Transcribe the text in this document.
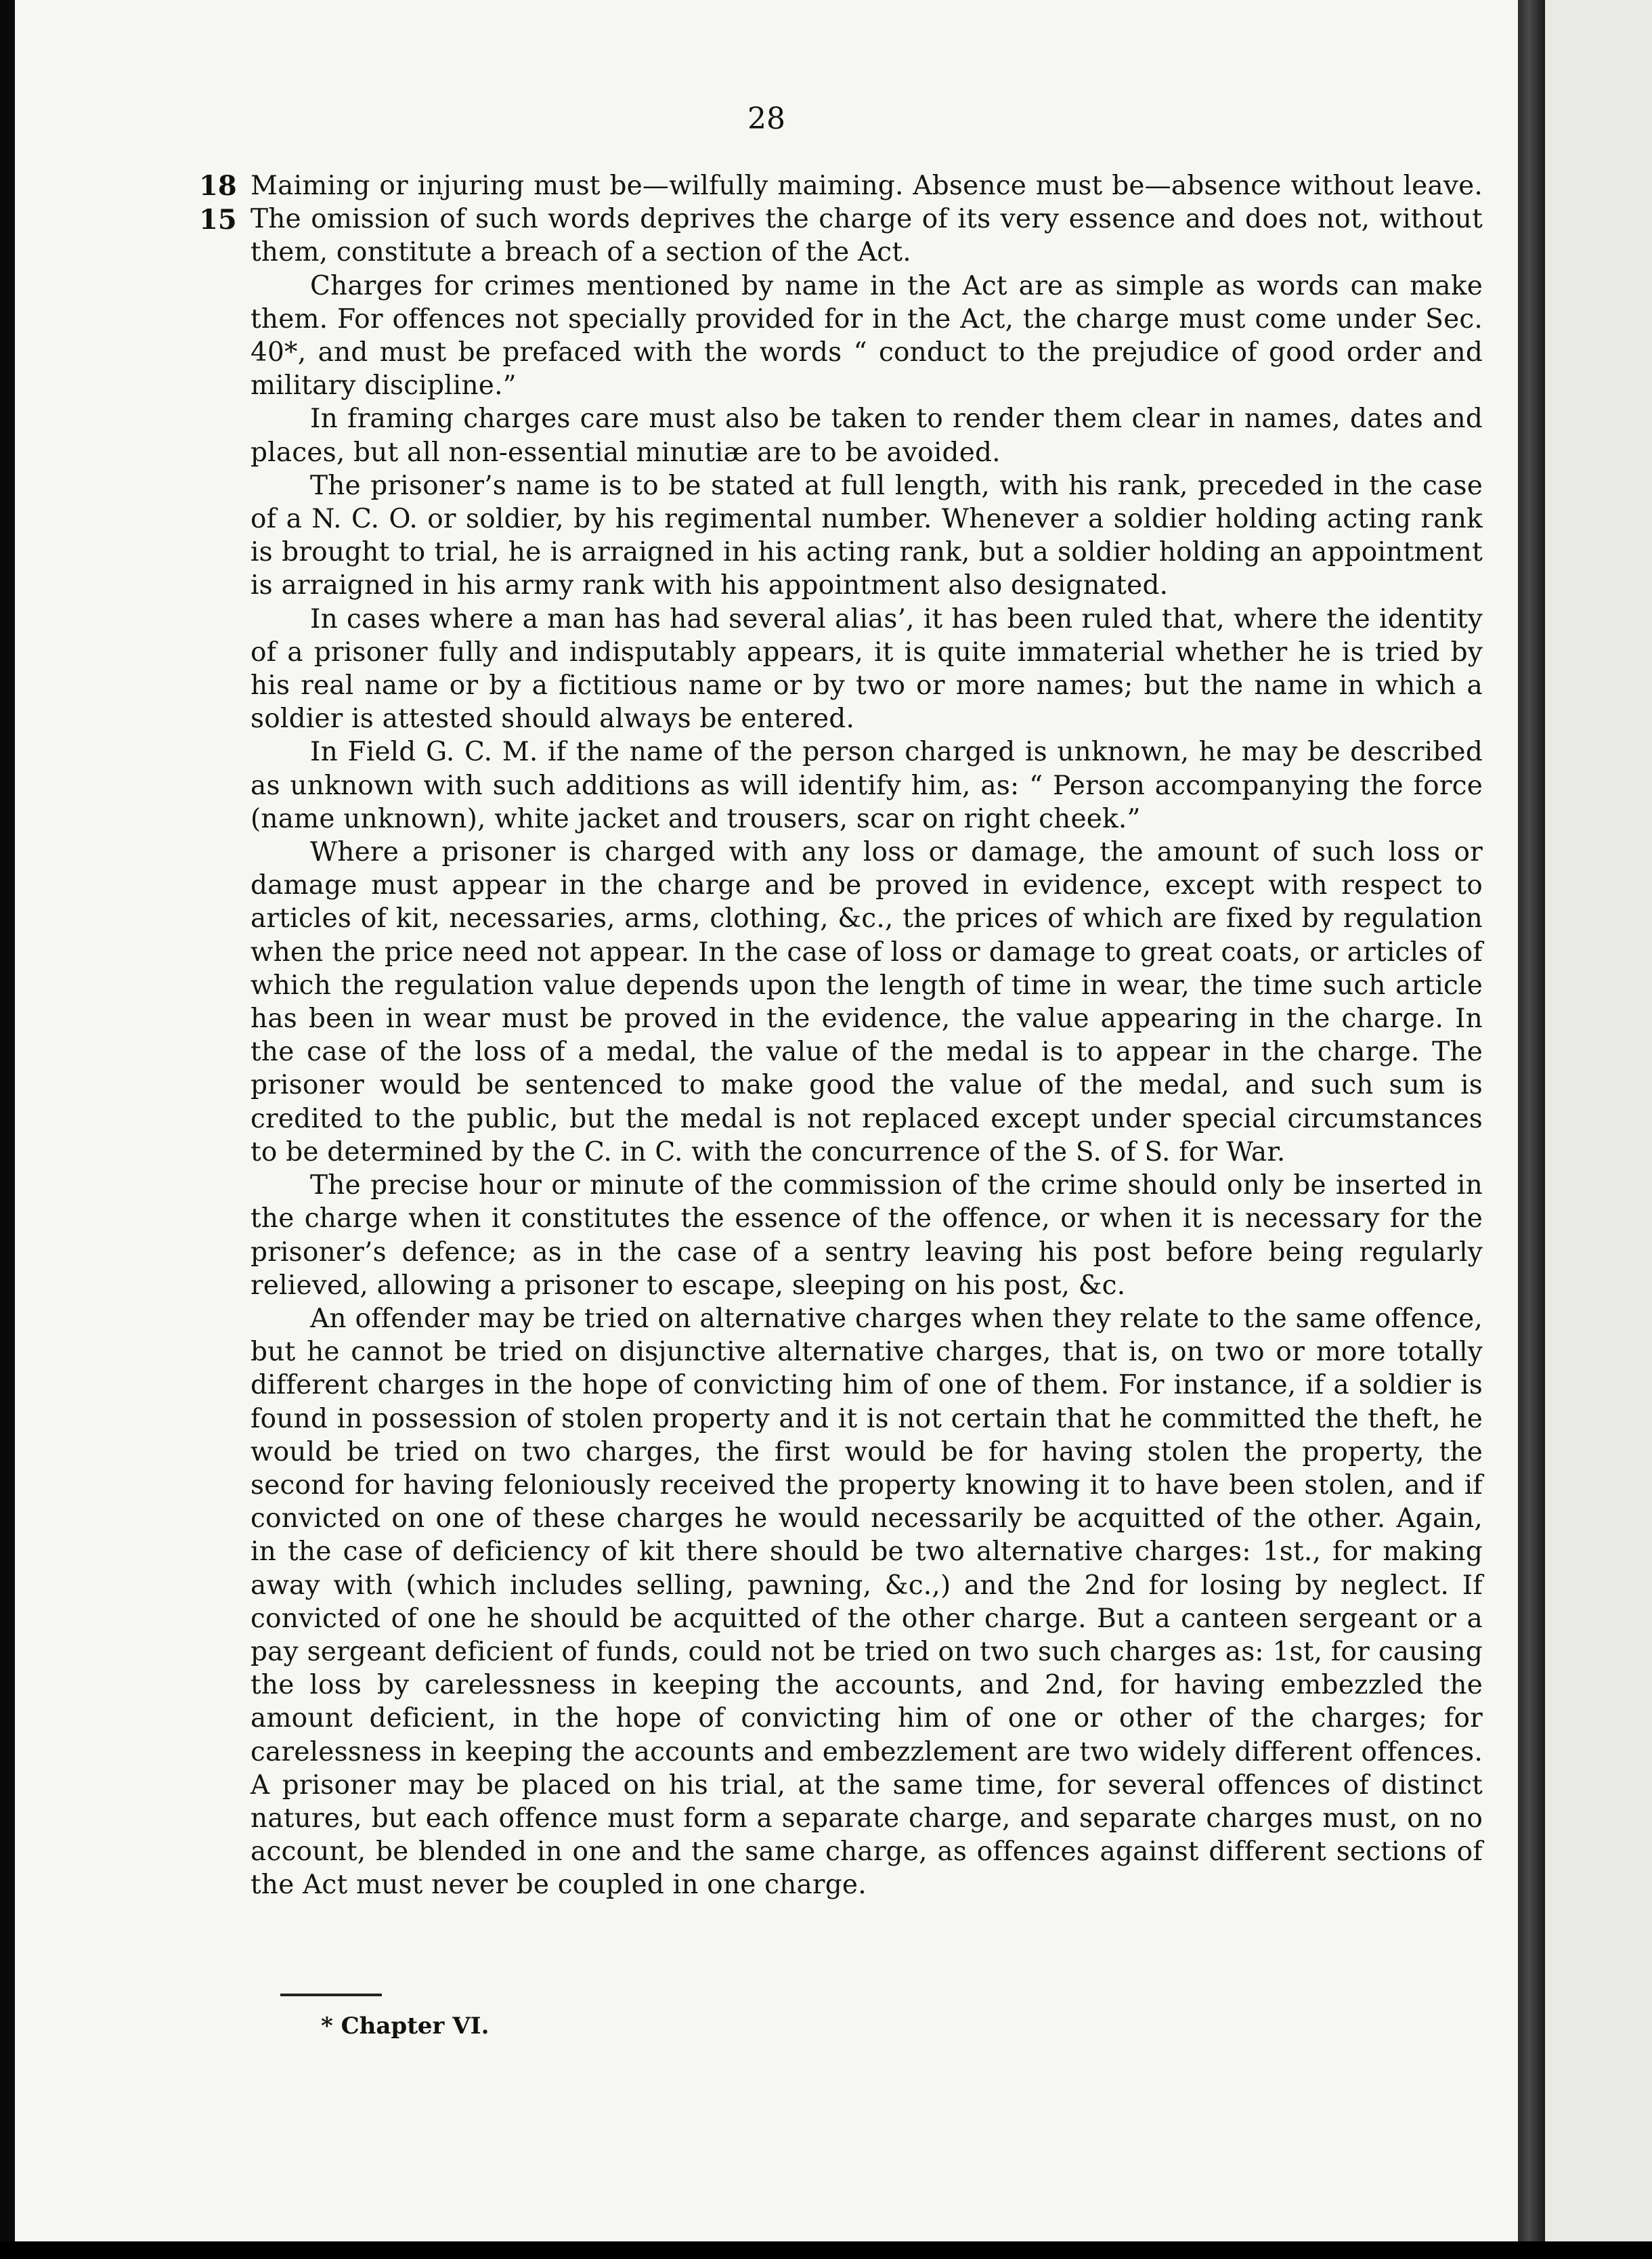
28
18
15

Maiming or injuring must be—wilfully maiming. Absence must be—absence without leave. The omission of such words deprives the charge of its very essence and does not, without them, constitute a breach of a section of the Act.

Charges for crimes mentioned by name in the Act are as simple as words can make them. For offences not specially provided for in the Act, the charge must come under Sec. 40*, and must be prefaced with the words “ conduct to the prejudice of good order and military discipline.”

In framing charges care must also be taken to render them clear in names, dates and places, but all non-essential minutiæ are to be avoided.

The prisoner’s name is to be stated at full length, with his rank, preceded in the case of a N. C. O. or soldier, by his regimental number. Whenever a soldier holding acting rank is brought to trial, he is arraigned in his acting rank, but a soldier holding an appointment is arraigned in his army rank with his appointment also designated.

In cases where a man has had several alias’, it has been ruled that, where the identity of a prisoner fully and indisputably appears, it is quite immaterial whether he is tried by his real name or by a fictitious name or by two or more names; but the name in which a soldier is attested should always be entered.

In Field G. C. M. if the name of the person charged is unknown, he may be described as unknown with such additions as will identify him, as: “ Person accompanying the force (name unknown), white jacket and trousers, scar on right cheek.”

Where a prisoner is charged with any loss or damage, the amount of such loss or damage must appear in the charge and be proved in evidence, except with respect to articles of kit, necessaries, arms, clothing, &c., the prices of which are fixed by regulation when the price need not appear. In the case of loss or damage to great coats, or articles of which the regulation value depends upon the length of time in wear, the time such article has been in wear must be proved in the evidence, the value appearing in the charge. In the case of the loss of a medal, the value of the medal is to appear in the charge. The prisoner would be sentenced to make good the value of the medal, and such sum is credited to the public, but the medal is not replaced except under special circumstances to be determined by the C. in C. with the concurrence of the S. of S. for War.

The precise hour or minute of the commission of the crime should only be inserted in the charge when it constitutes the essence of the offence, or when it is necessary for the prisoner’s defence; as in the case of a sentry leaving his post before being regularly relieved, allowing a prisoner to escape, sleeping on his post, &c.

An offender may be tried on alternative charges when they relate to the same offence, but he cannot be tried on disjunctive alternative charges, that is, on two or more totally different charges in the hope of convicting him of one of them. For instance, if a soldier is found in possession of stolen property and it is not certain that he committed the theft, he would be tried on two charges, the first would be for having stolen the property, the second for having feloniously received the property knowing it to have been stolen, and if convicted on one of these charges he would necessarily be acquitted of the other. Again, in the case of deficiency of kit there should be two alternative charges: 1st., for making away with (which includes selling, pawning, &c.,) and the 2nd for losing by neglect. If convicted of one he should be acquitted of the other charge. But a canteen sergeant or a pay sergeant deficient of funds, could not be tried on two such charges as: 1st, for causing the loss by carelessness in keeping the accounts, and 2nd, for having embezzled the amount deficient, in the hope of convicting him of one or other of the charges; for carelessness in keeping the accounts and embezzlement are two widely different offences. A prisoner may be placed on his trial, at the same time, for several offences of distinct natures, but each offence must form a separate charge, and separate charges must, on no account, be blended in one and the same charge, as offences against different sections of the Act must never be coupled in one charge.

* Chapter VI.
